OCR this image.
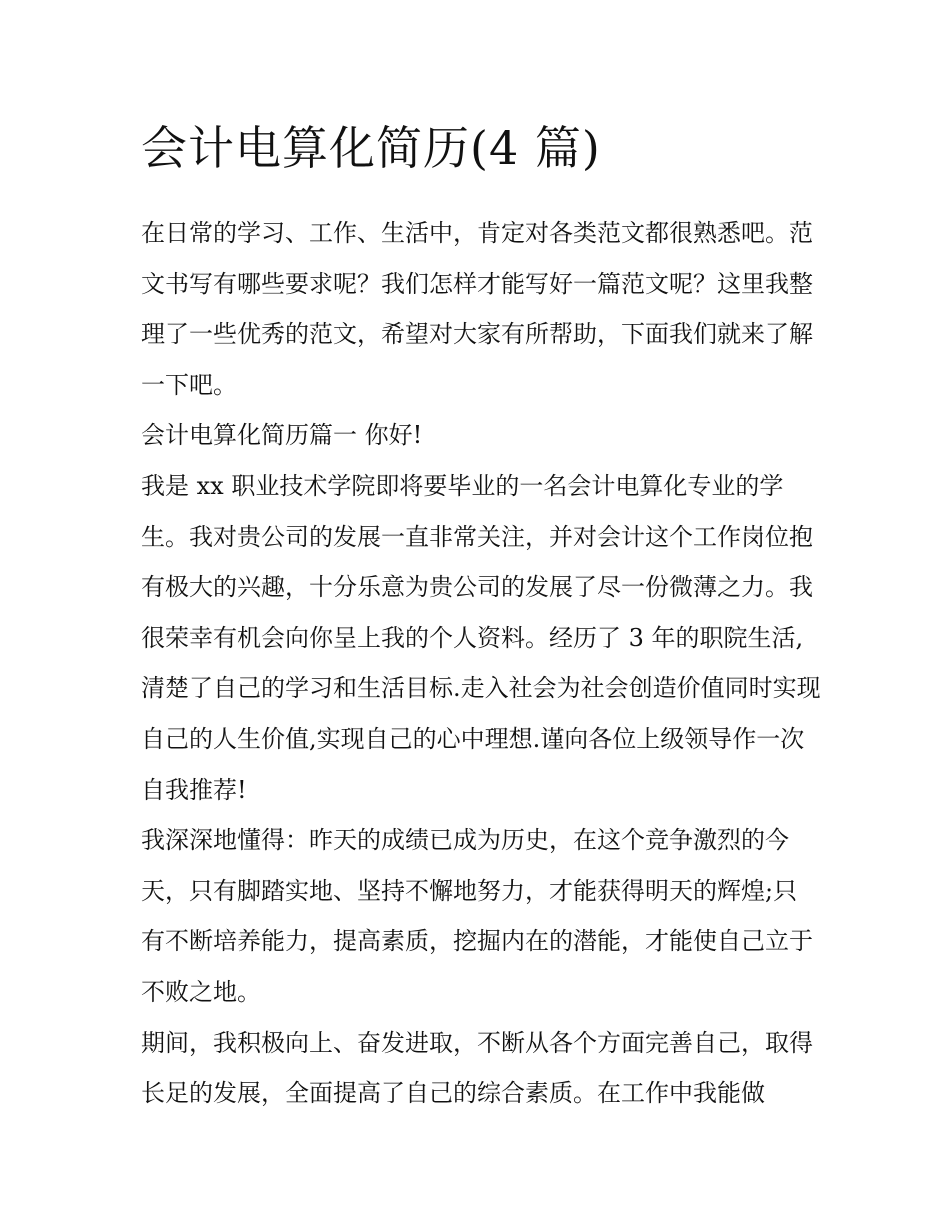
会计电算化简历(4 篇)

在日常的学习、工作、生活中，肯定对各类范文都很熟悉吧。范文书写有哪些要求呢？我们怎样才能写好一篇范文呢？这里我整理了一些优秀的范文，希望对大家有所帮助，下面我们就来了解一下吧。

会计电算化简历篇一 你好!

我是 xx 职业技术学院即将要毕业的一名会计电算化专业的学生。我对贵公司的发展一直非常关注，并对会计这个工作岗位抱有极大的兴趣，十分乐意为贵公司的发展了尽一份微薄之力。我很荣幸有机会向你呈上我的个人资料。经历了 3 年的职院生活,清楚了自己的学习和生活目标.走入社会为社会创造价值同时实现自己的人生价值,实现自己的心中理想.谨向各位上级领导作一次自我推荐!

我深深地懂得：昨天的成绩已成为历史，在这个竞争激烈的今天，只有脚踏实地、坚持不懈地努力，才能获得明天的辉煌;只有不断培养能力，提高素质，挖掘内在的潜能，才能使自己立于不败之地。

期间，我积极向上、奋发进取，不断从各个方面完善自己，取得长足的发展，全面提高了自己的综合素质。在工作中我能做
